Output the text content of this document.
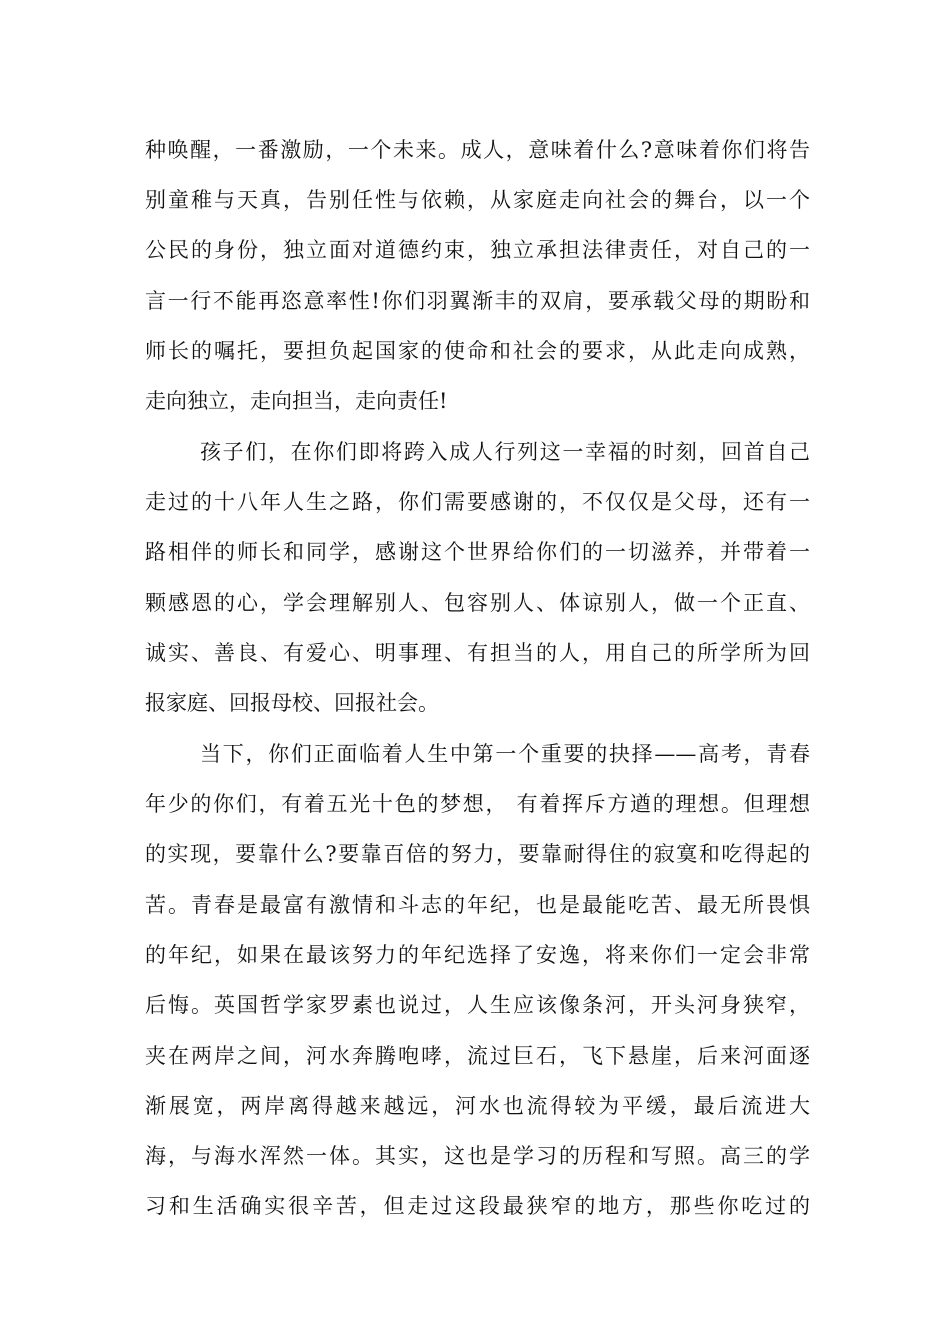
种唤醒，一番激励，一个未来。成人，意味着什么?意味着你们将告
别童稚与天真，告别任性与依赖，从家庭走向社会的舞台，以一个
公民的身份，独立面对道德约束，独立承担法律责任，对自己的一
言一行不能再恣意率性!你们羽翼渐丰的双肩，要承载父母的期盼和
师长的嘱托，要担负起国家的使命和社会的要求，从此走向成熟，
走向独立，走向担当，走向责任!
孩子们，在你们即将跨入成人行列这一幸福的时刻，回首自己
走过的十八年人生之路，你们需要感谢的，不仅仅是父母，还有一
路相伴的师长和同学，感谢这个世界给你们的一切滋养，并带着一
颗感恩的心，学会理解别人、包容别人、体谅别人，做一个正直、
诚实、善良、有爱心、明事理、有担当的人，用自己的所学所为回
报家庭、回报母校、回报社会。
当下，你们正面临着人生中第一个重要的抉择——高考，青春
年少的你们，有着五光十色的梦想， 有着挥斥方遒的理想。但理想
的实现，要靠什么?要靠百倍的努力，要靠耐得住的寂寞和吃得起的
苦。青春是最富有激情和斗志的年纪，也是最能吃苦、最无所畏惧
的年纪，如果在最该努力的年纪选择了安逸，将来你们一定会非常
后悔。英国哲学家罗素也说过，人生应该像条河，开头河身狭窄，
夹在两岸之间，河水奔腾咆哮，流过巨石，飞下悬崖，后来河面逐
渐展宽，两岸离得越来越远，河水也流得较为平缓，最后流进大
海，与海水浑然一体。其实，这也是学习的历程和写照。高三的学
习和生活确实很辛苦，但走过这段最狭窄的地方，那些你吃过的
